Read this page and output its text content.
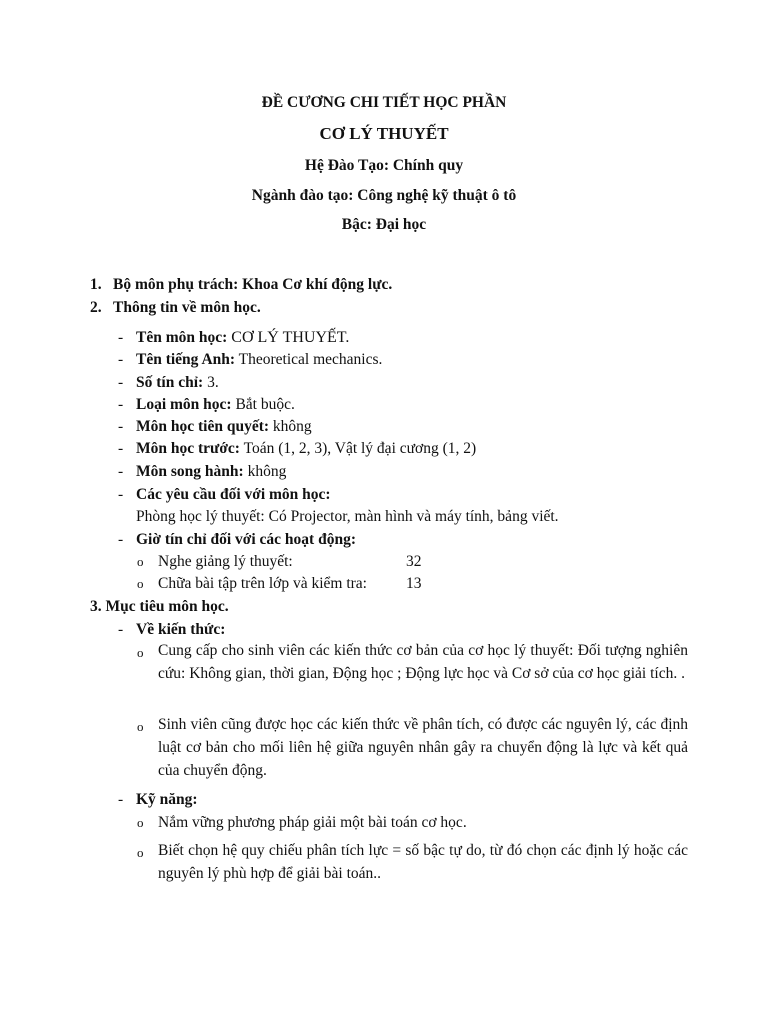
ĐỀ CƯƠNG CHI TIẾT HỌC PHẦN
CƠ LÝ THUYẾT
Hệ Đào Tạo: Chính quy
Ngành đào tạo: Công nghệ kỹ thuật ô tô
Bậc: Đại học
1. Bộ môn phụ trách: Khoa Cơ khí động lực.
2. Thông tin về môn học.
- Tên môn học: CƠ LÝ THUYẾT.
- Tên tiếng Anh: Theoretical mechanics.
- Số tín chỉ: 3.
- Loại môn học: Bắt buộc.
- Môn học tiên quyết: không
- Môn học trước: Toán (1, 2, 3), Vật lý đại cương (1, 2)
- Môn song hành: không
- Các yêu cầu đối với môn học:
Phòng học lý thuyết: Có Projector, màn hình và máy tính, bảng viết.
- Giờ tín chỉ đối với các hoạt động:
o Nghe giảng lý thuyết:	32
o Chữa bài tập trên lớp và kiểm tra:	13
3. Mục tiêu môn học.
- Về kiến thức:
o Cung cấp cho sinh viên các kiến thức cơ bản của cơ học lý thuyết: Đối tượng nghiên cứu: Không gian, thời gian, Động học ; Động lực học và Cơ sở của cơ học giải tích. .
o Sinh viên cũng được học các kiến thức về phân tích, có được các nguyên lý, các định luật cơ bản cho mối liên hệ giữa nguyên nhân gây ra chuyển động là lực và kết quả của chuyển động.
- Kỹ năng:
o Nắm vững phương pháp giải một bài toán cơ học.
o Biết chọn hệ quy chiếu phân tích lực = số bậc tự do, từ đó chọn các định lý hoặc các nguyên lý phù hợp để giải bài toán..
